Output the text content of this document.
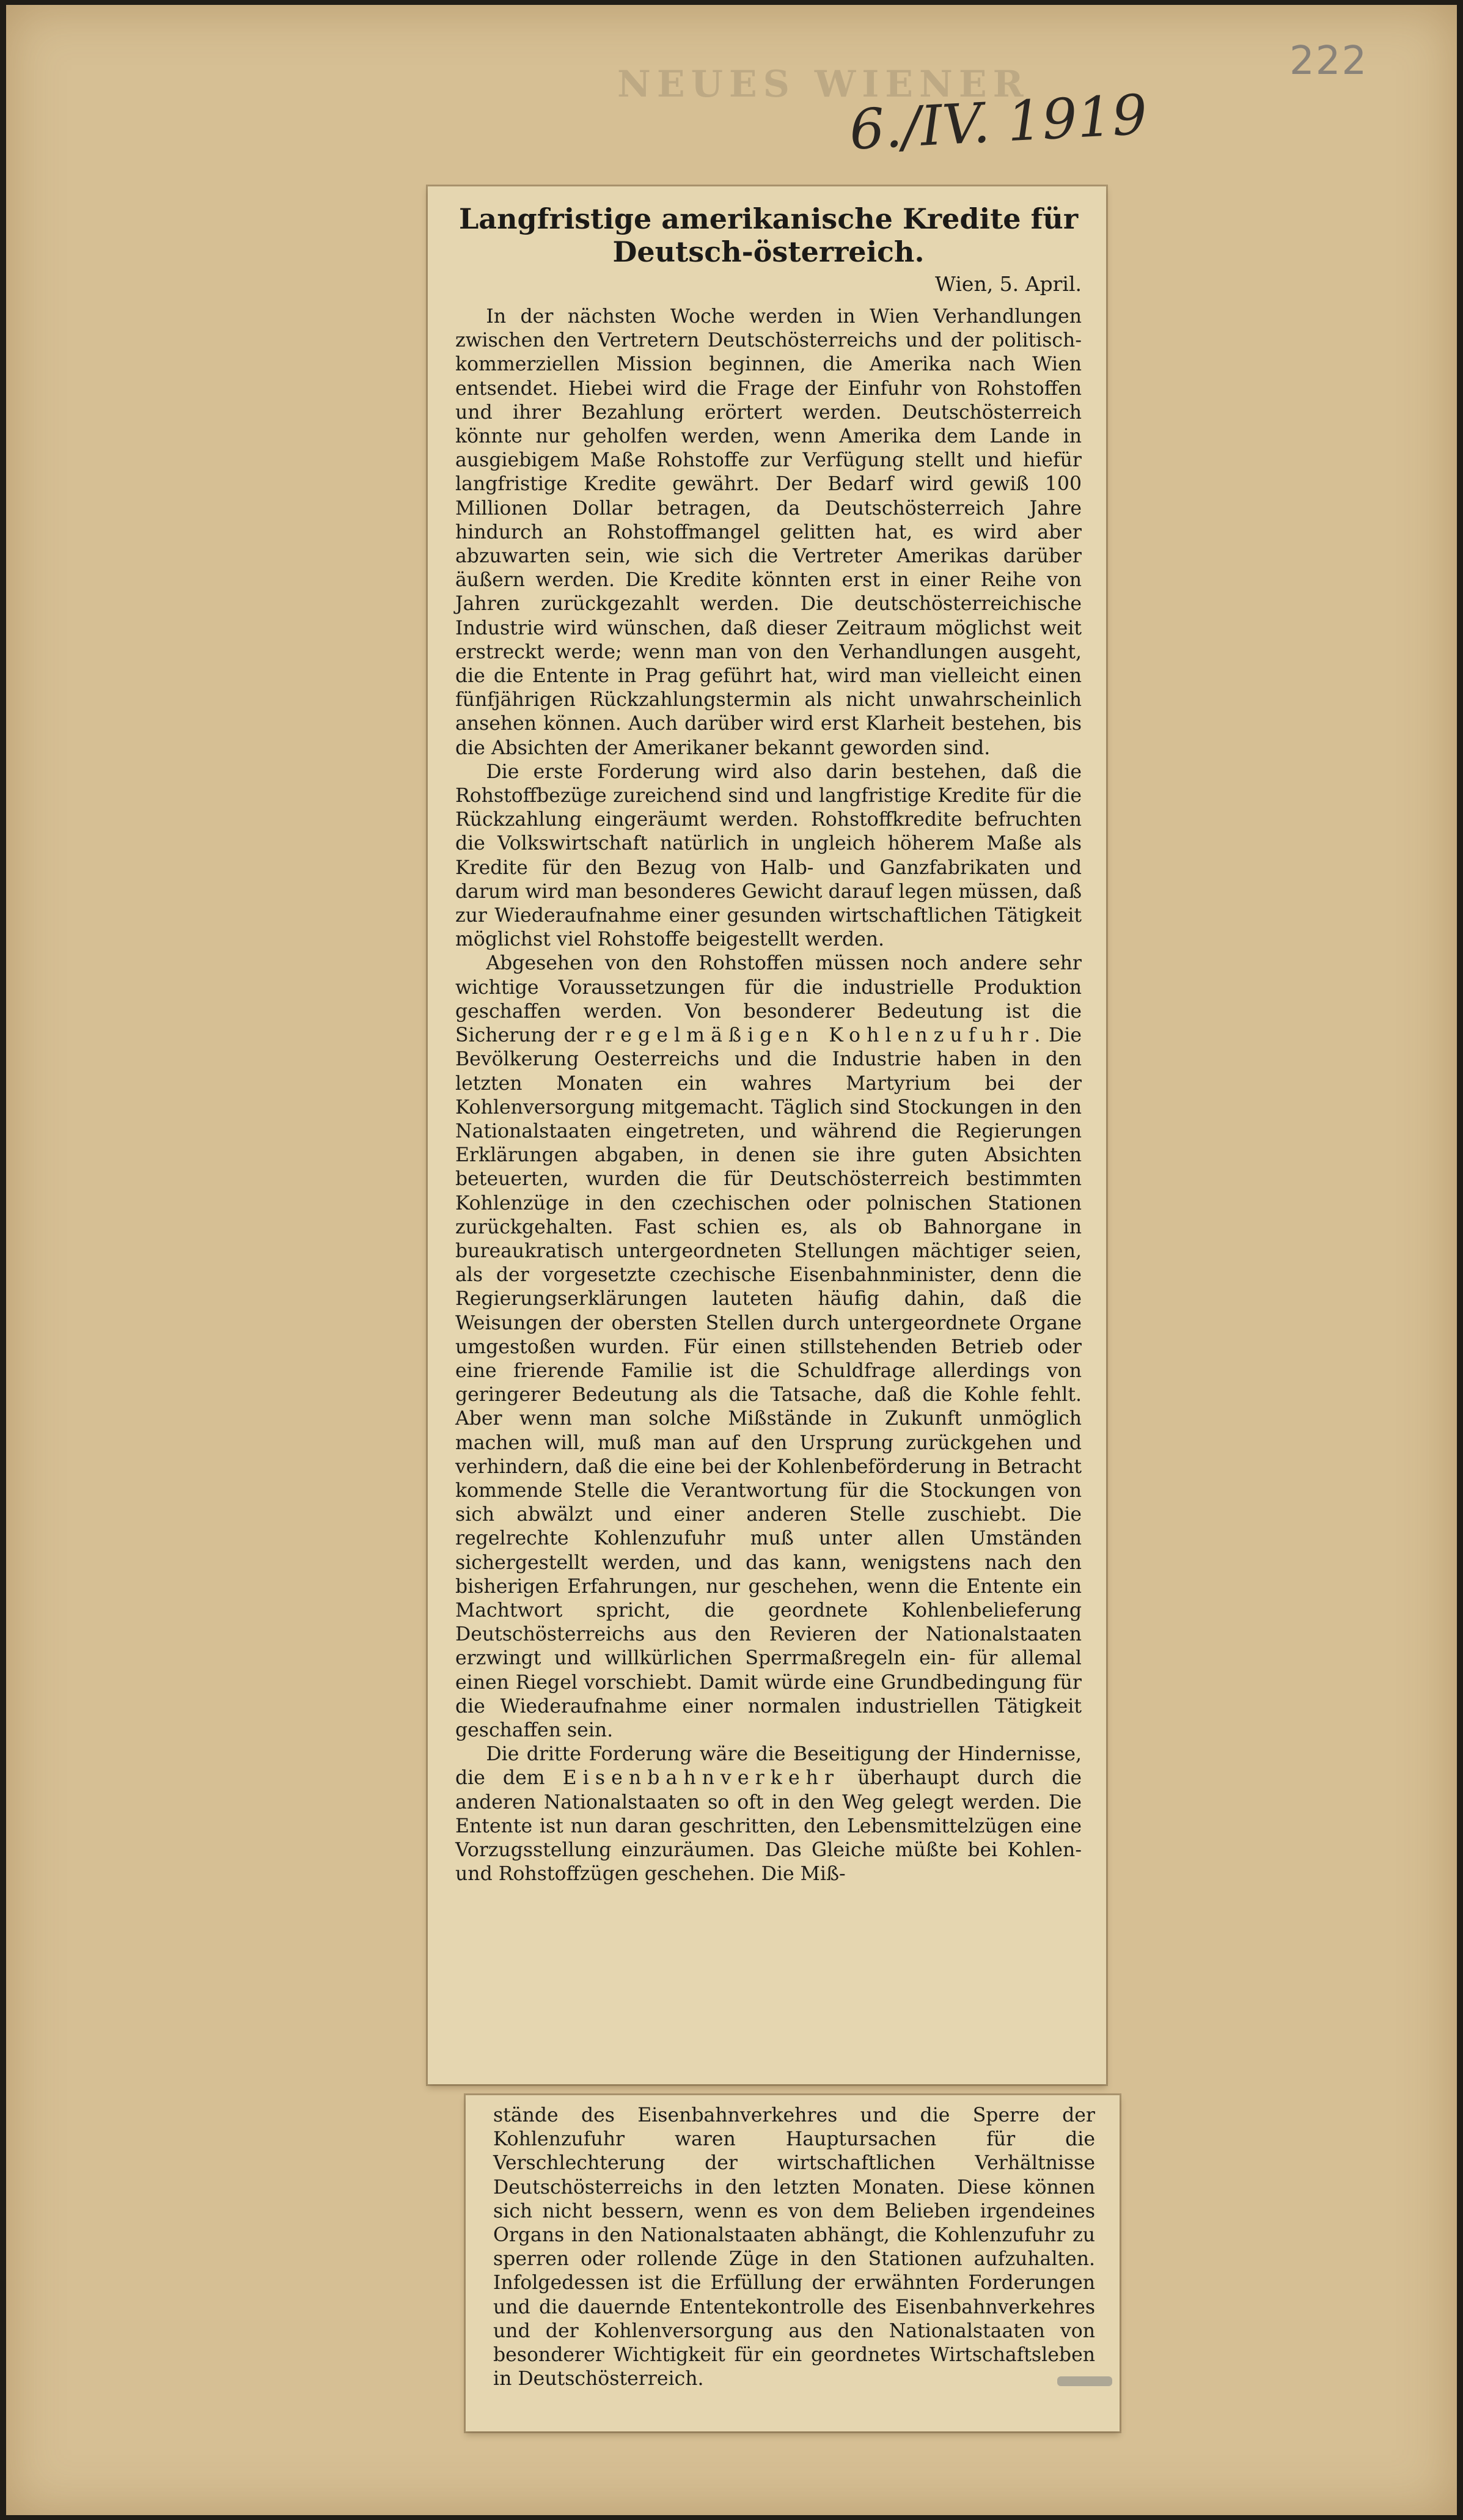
NEUES WIENER
222
6./IV. 1919
Langfristige amerikanische Kredite für Deutsch-österreich.
Wien, 5. April.

In der nächsten Woche werden in Wien Verhandlungen zwischen den Vertretern Deutschösterreichs und der politisch-kommerziellen Mission beginnen, die Amerika nach Wien entsendet. Hiebei wird die Frage der Einfuhr von Rohstoffen und ihrer Bezahlung erörtert werden. Deutschösterreich könnte nur geholfen werden, wenn Amerika dem Lande in ausgiebigem Maße Rohstoffe zur Verfügung stellt und hiefür langfristige Kredite gewährt. Der Bedarf wird gewiß 100 Millionen Dollar betragen, da Deutschösterreich Jahre hindurch an Rohstoffmangel gelitten hat, es wird aber abzuwarten sein, wie sich die Vertreter Amerikas darüber äußern werden. Die Kredite könnten erst in einer Reihe von Jahren zurückgezahlt werden. Die deutschösterreichische Industrie wird wünschen, daß dieser Zeitraum möglichst weit erstreckt werde; wenn man von den Verhandlungen ausgeht, die die Entente in Prag geführt hat, wird man vielleicht einen fünfjährigen Rückzahlungstermin als nicht unwahrscheinlich ansehen können. Auch darüber wird erst Klarheit bestehen, bis die Absichten der Amerikaner bekannt geworden sind.

Die erste Forderung wird also darin bestehen, daß die Rohstoffbezüge zureichend sind und langfristige Kredite für die Rückzahlung eingeräumt werden. Rohstoffkredite befruchten die Volkswirtschaft natürlich in ungleich höherem Maße als Kredite für den Bezug von Halb- und Ganzfabrikaten und darum wird man besonderes Gewicht darauf legen müssen, daß zur Wiederaufnahme einer gesunden wirtschaftlichen Tätigkeit möglichst viel Rohstoffe beigestellt werden.

Abgesehen von den Rohstoffen müssen noch andere sehr wichtige Voraussetzungen für die industrielle Produktion geschaffen werden. Von besonderer Bedeutung ist die Sicherung der regelmäßigen Kohlenzufuhr. Die Bevölkerung Oesterreichs und die Industrie haben in den letzten Monaten ein wahres Martyrium bei der Kohlenversorgung mitgemacht. Täglich sind Stockungen in den Nationalstaaten eingetreten, und während die Regierungen Erklärungen abgaben, in denen sie ihre guten Absichten beteuerten, wurden die für Deutschösterreich bestimmten Kohlenzüge in den czechischen oder polnischen Stationen zurückgehalten. Fast schien es, als ob Bahnorgane in bureaukratisch untergeordneten Stellungen mächtiger seien, als der vorgesetzte czechische Eisenbahnminister, denn die Regierungserklärungen lauteten häufig dahin, daß die Weisungen der obersten Stellen durch untergeordnete Organe umgestoßen wurden. Für einen stillstehenden Betrieb oder eine frierende Familie ist die Schuldfrage allerdings von geringerer Bedeutung als die Tatsache, daß die Kohle fehlt. Aber wenn man solche Mißstände in Zukunft unmöglich machen will, muß man auf den Ursprung zurückgehen und verhindern, daß die eine bei der Kohlenbeförderung in Betracht kommende Stelle die Verantwortung für die Stockungen von sich abwälzt und einer anderen Stelle zuschiebt. Die regelrechte Kohlenzufuhr muß unter allen Umständen sichergestellt werden, und das kann, wenigstens nach den bisherigen Erfahrungen, nur geschehen, wenn die Entente ein Machtwort spricht, die geordnete Kohlenbelieferung Deutschösterreichs aus den Revieren der Nationalstaaten erzwingt und willkürlichen Sperrmaßregeln ein- für allemal einen Riegel vorschiebt. Damit würde eine Grundbedingung für die Wiederaufnahme einer normalen industriellen Tätigkeit geschaffen sein.

Die dritte Forderung wäre die Beseitigung der Hindernisse, die dem Eisenbahnverkehr überhaupt durch die anderen Nationalstaaten so oft in den Weg gelegt werden. Die Entente ist nun daran geschritten, den Lebensmittelzügen eine Vorzugsstellung einzuräumen. Das Gleiche müßte bei Kohlen- und Rohstoffzügen geschehen. Die Miß-

stände des Eisenbahnverkehres und die Sperre der Kohlenzufuhr waren Hauptursachen für die Verschlechterung der wirtschaftlichen Verhältnisse Deutschösterreichs in den letzten Monaten. Diese können sich nicht bessern, wenn es von dem Belieben irgendeines Organs in den Nationalstaaten abhängt, die Kohlenzufuhr zu sperren oder rollende Züge in den Stationen aufzuhalten. Infolgedessen ist die Erfüllung der erwähnten Forderungen und die dauernde Ententekontrolle des Eisenbahnverkehres und der Kohlenversorgung aus den Nationalstaaten von besonderer Wichtigkeit für ein geordnetes Wirtschaftsleben in Deutschösterreich.
